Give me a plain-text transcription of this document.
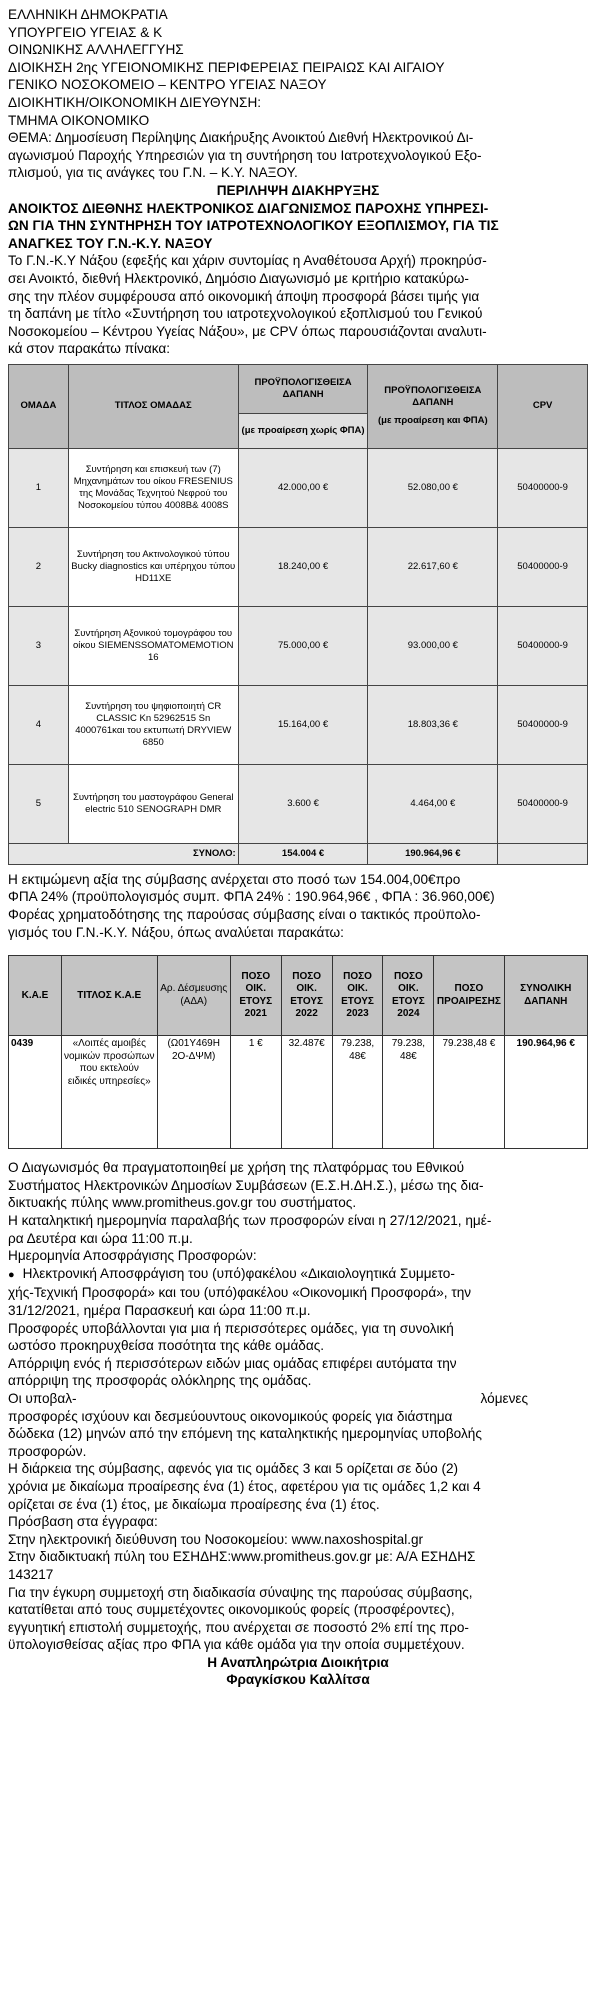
ΕΛΛΗΝΙΚΗ ΔΗΜΟΚΡΑΤΙΑ
ΥΠΟΥΡΓΕΙΟ ΥΓΕΙΑΣ & Κ
ΟΙΝΩΝΙΚΗΣ ΑΛΛΗΛΕΓΓΥΗΣ
ΔΙΟΙΚΗΣΗ 2ης ΥΓΕΙΟΝΟΜΙΚΗΣ ΠΕΡΙΦΕΡΕΙΑΣ ΠΕΙΡΑΙΩΣ ΚΑΙ ΑΙΓΑΙΟΥ
ΓΕΝΙΚΟ ΝΟΣΟΚΟΜΕΙΟ – ΚΕΝΤΡΟ ΥΓΕΙΑΣ ΝΑΞΟΥ
ΔΙΟΙΚΗΤΙΚΗ/ΟΙΚΟΝΟΜΙΚΗ ΔΙΕΥΘΥΝΣΗ:
ΤΜΗΜΑ ΟΙΚΟΝΟΜΙΚΟ
ΘΕΜΑ: Δημοσίευση Περίληψης Διακήρυξης Ανοικτού Διεθνή Ηλεκτρονικού Δι-
αγωνισμού Παροχής Υπηρεσιών για τη συντήρηση του Ιατροτεχνολογικού Εξο-
πλισμού, για τις ανάγκες του Γ.Ν. – Κ.Υ. ΝΑΞΟΥ.
ΠΕΡΙΛΗΨΗ ΔΙΑΚΗΡΥΞΗΣ
ΑΝΟΙΚΤΟΣ ΔΙΕΘΝΗΣ ΗΛΕΚΤΡΟΝΙΚΟΣ ΔΙΑΓΩΝΙΣΜΟΣ ΠΑΡΟΧΗΣ ΥΠΗΡΕΣΙ-
ΩΝ ΓΙΑ ΤΗΝ ΣΥΝΤΗΡΗΣΗ ΤΟΥ ΙΑΤΡΟΤΕΧΝΟΛΟΓΙΚΟΥ ΕΞΟΠΛΙΣΜΟΥ, ΓΙΑ ΤΙΣ
ΑΝΑΓΚΕΣ ΤΟΥ Γ.Ν.-Κ.Υ. ΝΑΞΟΥ
Το Γ.Ν.-Κ.Υ Νάξου (εφεξής και χάριν συντομίας η Αναθέτουσα Αρχή) προκηρύσ-
σει Ανοικτό, διεθνή Ηλεκτρονικό, Δημόσιο Διαγωνισμό με κριτήριο κατακύρω-
σης την πλέον συμφέρουσα από οικονομική άποψη προσφορά βάσει τιμής για
τη δαπάνη με τίτλο «Συντήρηση του ιατροτεχνολογικού εξοπλισμού του Γενικού
Νοσοκομείου – Κέντρου Υγείας Νάξου», με CPV όπως παρουσιάζονται αναλυτι-
κά στον παρακάτω πίνακα:
ΟΜΑΔΑ	ΤΙΤΛΟΣ ΟΜΑΔΑΣ	ΠΡΟΫΠΟΛΟΓΙΣΘΕΙΣΑ ΔΑΠΑΝΗ	ΠΡΟΫΠΟΛΟΓΙΣΘΕΙΣΑ ΔΑΠΑΝΗ
(με προαίρεση και ΦΠΑ)	CPV
		(με προαίρεση χωρίς ΦΠΑ)		
1	Συντήρηση και επισκευή των (7) Μηχανημάτων του οίκου FRESENIUS της Μονάδας Τεχνητού Νεφρού του Νοσοκομείου τύπου 4008B& 4008S	42.000,00 €	52.080,00 €	50400000-9
2	Συντήρηση του Ακτινολογικού τύπου Bucky diagnostics και υπέρηχου τύπου HD11XE	18.240,00 €	22.617,60 €	50400000-9
3	Συντήρηση Αξονικού τομογράφου του οίκου SIEMENSSOMATOMEMOTION 16	75.000,00 €	93.000,00 €	50400000-9
4	Συντήρηση του ψηφιοποιητή CR CLASSIC Κn 52962515 Sn 4000761και του εκτυπωτή DRYVIEW 6850	15.164,00 €	18.803,36 €	50400000-9
5	Συντήρηση του μαστογράφου General electric 510 SENOGRAPH DMR	3.600 €	4.464,00 €	50400000-9
ΣΥΝΟΛΟ:		154.004 €	190.964,96 €	
Η εκτιμώμενη αξία της σύμβασης ανέρχεται στο ποσό των 154.004,00€προ
ΦΠΑ 24% (προϋπολογισμός συμπ. ΦΠΑ 24% : 190.964,96€ , ΦΠΑ : 36.960,00€)
Φορέας χρηματοδότησης της παρούσας σύμβασης είναι ο τακτικός προϋπολο-
γισμός του Γ.Ν.-Κ.Υ. Νάξου, όπως αναλύεται παρακάτω:
Κ.Α.Ε	ΤΙΤΛΟΣ Κ.Α.Ε	Αρ. Δέσμευσης (ΑΔΑ)	ΠΟΣΟ ΟΙΚ. ΕΤΟΥΣ 2021	ΠΟΣΟ ΟΙΚ. ΕΤΟΥΣ 2022	ΠΟΣΟ ΟΙΚ. ΕΤΟΥΣ 2023	ΠΟΣΟ ΟΙΚ. ΕΤΟΥΣ 2024	ΠΟΣΟ ΠΡΟΑΙΡΕΣΗΣ	ΣΥΝΟΛΙΚΗ ΔΑΠΑΝΗ
0439	«Λοιπές αμοιβές νομικών προσώπων που εκτελούν ειδικές υπηρεσίες»	(Ω01Υ469Η 2Ο-ΔΨΜ)	1 €	32.487€	79.238, 48€	79.238, 48€	79.238,48 €	190.964,96 €
Ο Διαγωνισμός θα πραγματοποιηθεί με χρήση της πλατφόρμας του Εθνικού
Συστήματος Ηλεκτρονικών Δημοσίων Συμβάσεων (Ε.Σ.Η.ΔΗ.Σ.), μέσω της δια-
δικτυακής πύλης www.promitheus.gov.gr του συστήματος.
Η καταληκτική ημερομηνία παραλαβής των προσφορών είναι η 27/12/2021, ημέ-
ρα Δευτέρα και ώρα 11:00 π.μ.
Ημερομηνία Αποσφράγισης Προσφορών:
● Ηλεκτρονική Αποσφράγιση του (υπό)φακέλου «Δικαιολογητικά Συμμετο-
χής-Τεχνική Προσφορά» και του (υπό)φακέλου «Οικονομική Προσφορά», την
31/12/2021, ημέρα Παρασκευή και ώρα 11:00 π.μ.
Προσφορές υποβάλλονται για μια ή περισσότερες ομάδες, για τη συνολική
ωστόσο προκηρυχθείσα ποσότητα της κάθε ομάδας.
Απόρριψη ενός ή περισσότερων ειδών μιας ομάδας επιφέρει αυτόματα την
απόρριψη της προσφοράς ολόκληρης της ομάδας.
Οι υποβαλ-	λόμενες
προσφορές ισχύουν και δεσμεύουντους οικονομικούς φορείς για διάστημα
δώδεκα (12) μηνών από την επόμενη της καταληκτικής ημερομηνίας υποβολής
προσφορών.
Η διάρκεια της σύμβασης, αφενός για τις ομάδες 3 και 5 ορίζεται σε δύο (2)
χρόνια με δικαίωμα προαίρεσης ένα (1) έτος, αφετέρου για τις ομάδες 1,2 και 4
ορίζεται σε ένα (1) έτος, με δικαίωμα προαίρεσης ένα (1) έτος.
Πρόσβαση στα έγγραφα:
Στην ηλεκτρονική διεύθυνση του Νοσοκομείου: www.naxoshospital.gr
Στην διαδικτυακή πύλη του ΕΣΗΔΗΣ:www.promitheus.gov.gr με: Α/Α ΕΣΗΔΗΣ
143217
Για την έγκυρη συμμετοχή στη διαδικασία σύναψης της παρούσας σύμβασης,
κατατίθεται από τους συμμετέχοντες οικονομικούς φορείς (προσφέροντες),
εγγυητική επιστολή συμμετοχής, που ανέρχεται σε ποσοστό 2% επί της προ-
ϋπολογισθείσας αξίας προ ΦΠΑ για κάθε ομάδα για την οποία συμμετέχουν.
Η Αναπληρώτρια Διοικήτρια
Φραγκίσκου Καλλίτσα
